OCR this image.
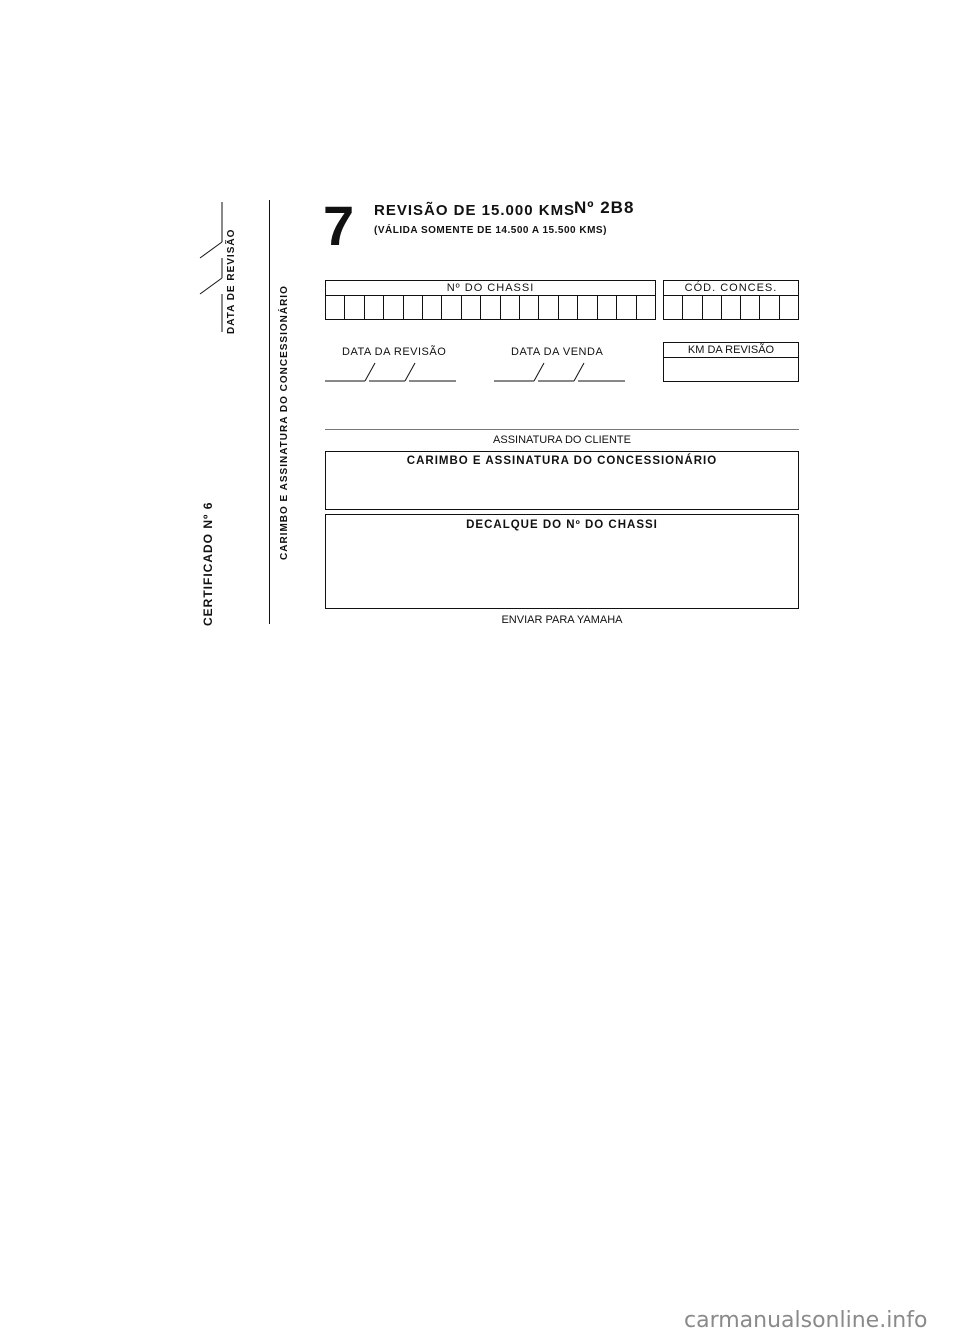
CERTIFICADO Nº 6
DATA DE REVISÃO
CARIMBO E ASSINATURA DO CONCESSIONÁRIO
7 REVISÃO DE 15.000 KMS
Nº 2B8
(VÁLIDA SOMENTE DE 14.500 A 15.500 KMS)
Nº DO CHASSI	CÓD. CONCES.
DATA DA REVISÃO	DATA DA VENDA	KM DA REVISÃO
ASSINATURA DO CLIENTE
CARIMBO E ASSINATURA DO CONCESSIONÁRIO
DECALQUE DO Nº DO CHASSI
ENVIAR PARA YAMAHA
carmanualsonline.info
